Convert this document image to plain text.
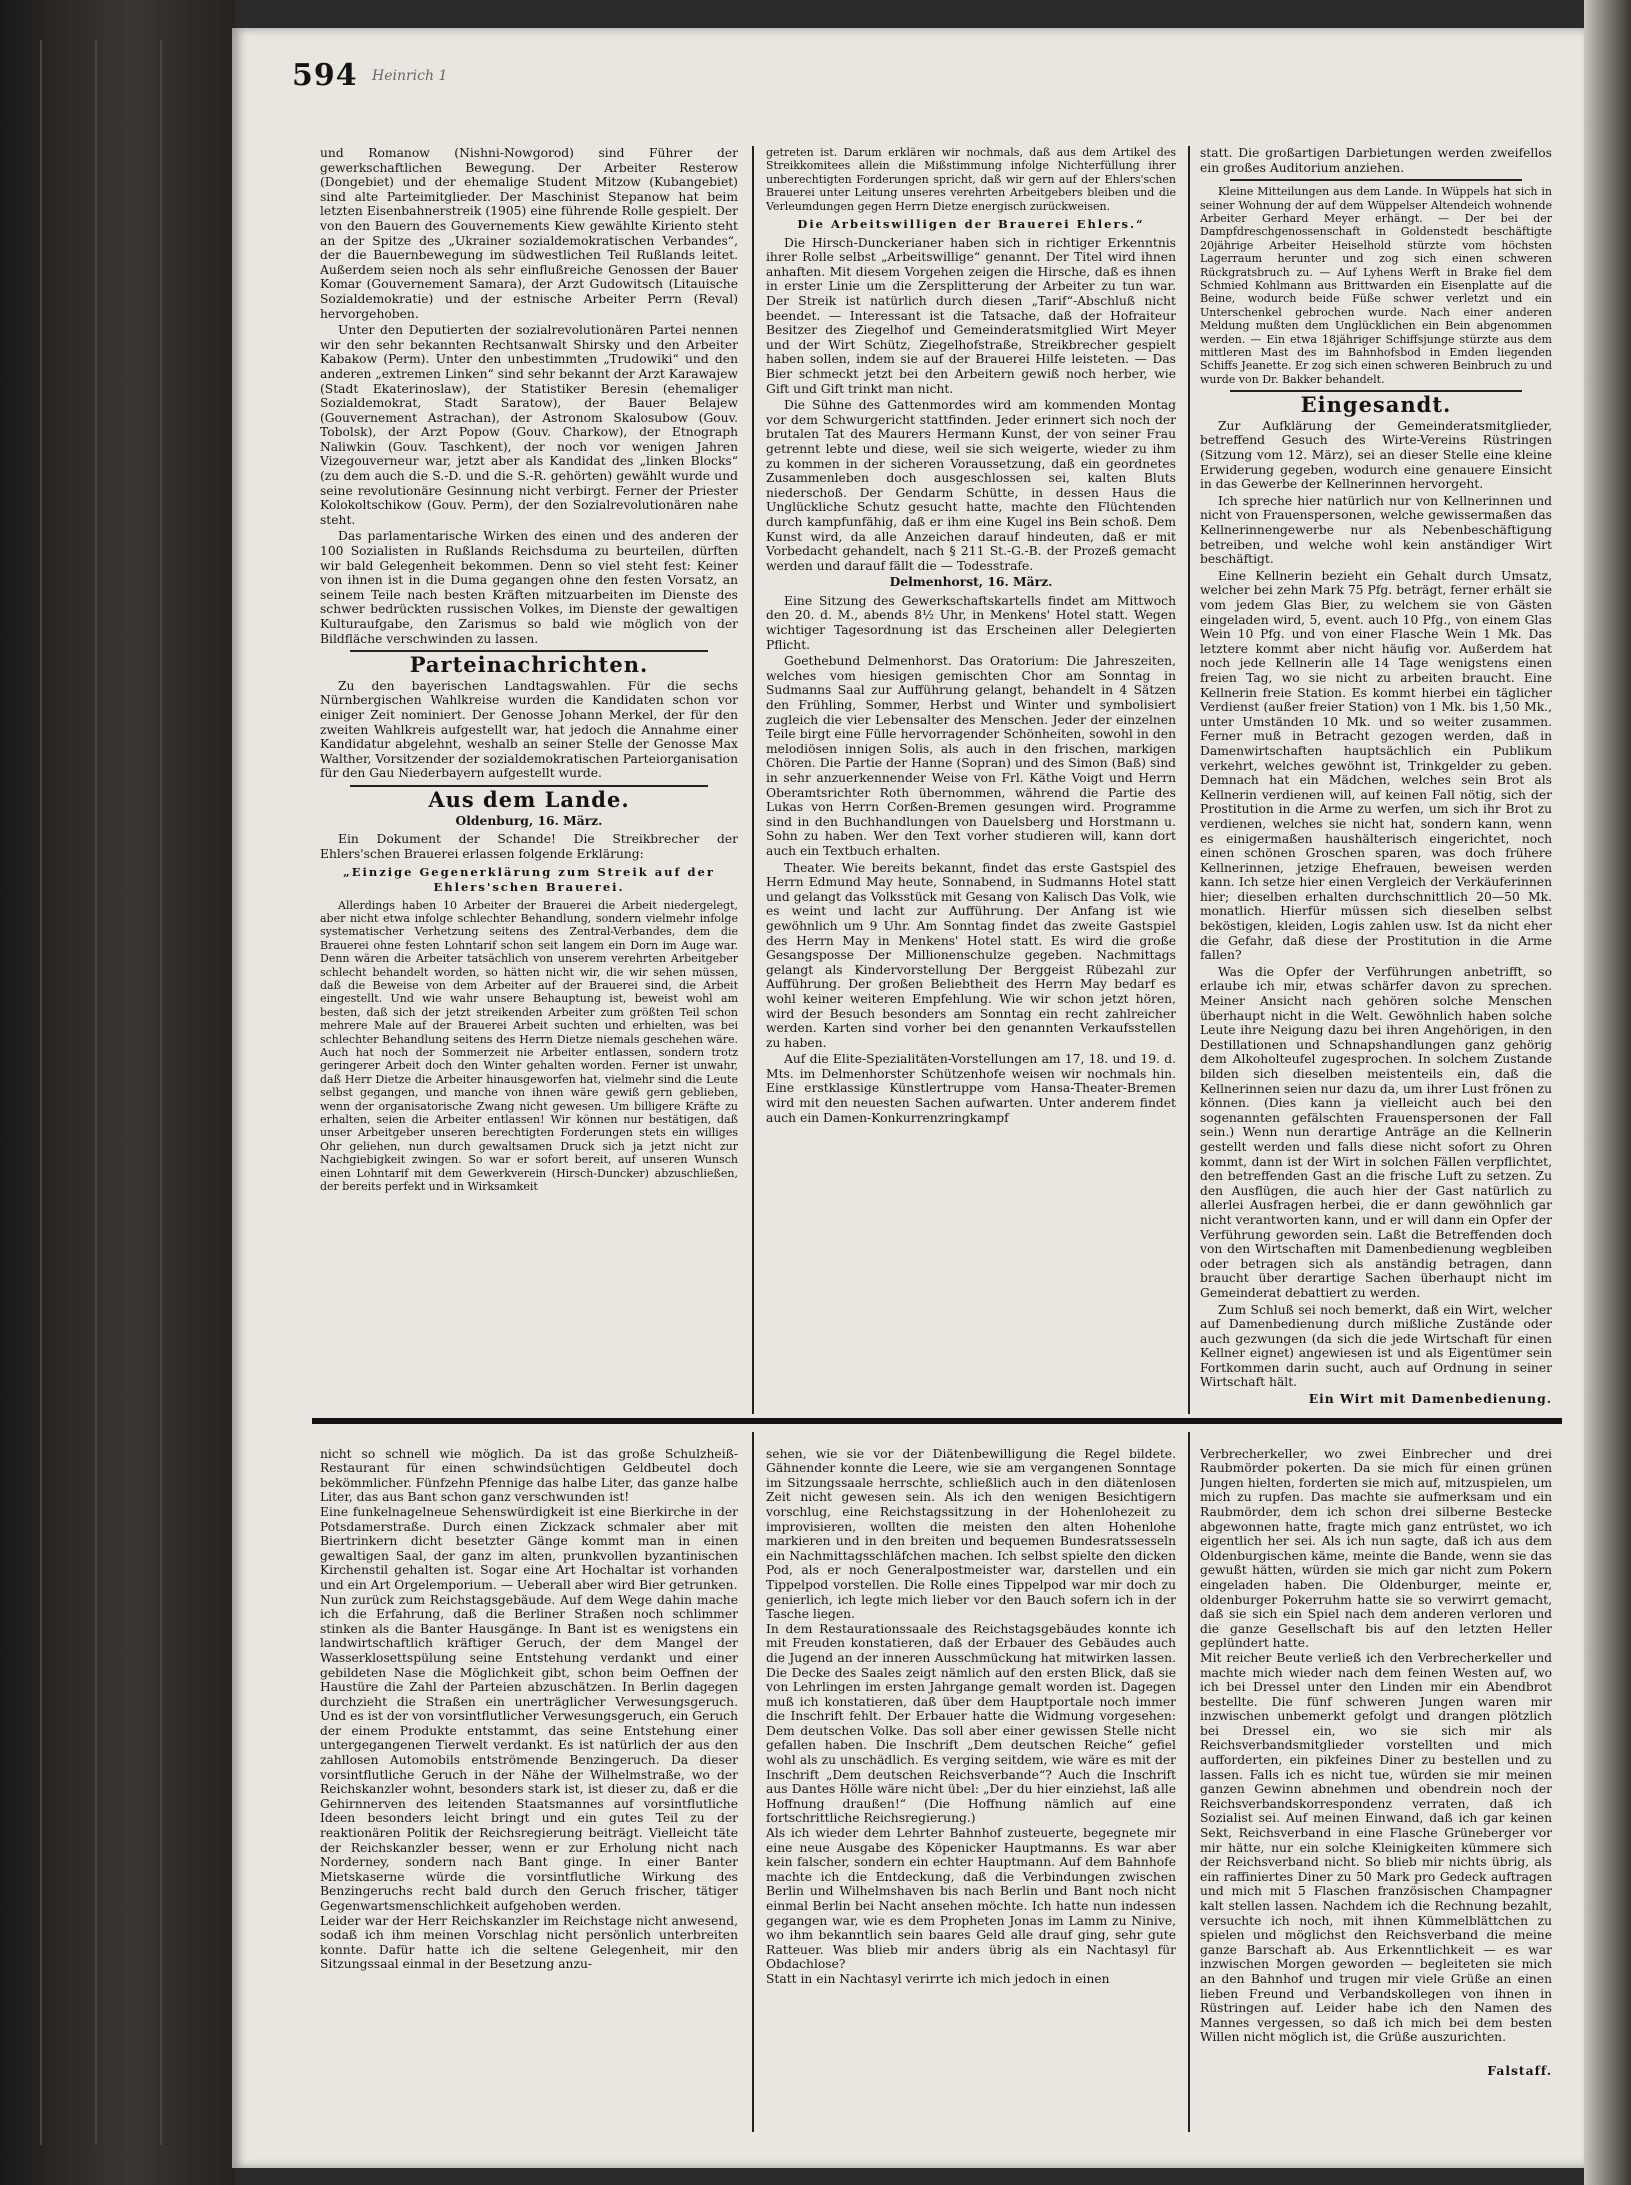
594 Heinrich 1

und Romanow (Nishni-Nowgorod) sind Führer der gewerkschaftlichen Bewegung. Der Arbeiter Resterow (Dongebiet) und der ehemalige Student Mitzow (Kubangebiet) sind alte Parteimitglieder. Der Maschinist Stepanow hat beim letzten Eisenbahnerstreik (1905) eine führende Rolle gespielt. Der von den Bauern des Gouvernements Kiew gewählte Kiriento steht an der Spitze des „Ukrainer sozialdemokratischen Verbandes“, der die Bauernbewegung im südwestlichen Teil Rußlands leitet. Außerdem seien noch als sehr einflußreiche Genossen der Bauer Komar (Gouvernement Samara), der Arzt Gudowitsch (Litauische Sozialdemokratie) und der estnische Arbeiter Perrn (Reval) hervorgehoben.

Unter den Deputierten der sozialrevolutionären Partei nennen wir den sehr bekannten Rechtsanwalt Shirsky und den Arbeiter Kabakow (Perm). Unter den unbestimmten „Trudowiki“ und den anderen „extremen Linken“ sind sehr bekannt der Arzt Karawajew (Stadt Ekaterinoslaw), der Statistiker Beresin (ehemaliger Sozialdemokrat, Stadt Saratow), der Bauer Belajew (Gouvernement Astrachan), der Astronom Skalosubow (Gouv. Tobolsk), der Arzt Popow (Gouv. Charkow), der Etnograph Naliwkin (Gouv. Taschkent), der noch vor wenigen Jahren Vizegouverneur war, jetzt aber als Kandidat des „linken Blocks“ (zu dem auch die S.-D. und die S.-R. gehörten) gewählt wurde und seine revolutionäre Gesinnung nicht verbirgt. Ferner der Priester Kolokoltschikow (Gouv. Perm), der den Sozialrevolutionären nahe steht.

Das parlamentarische Wirken des einen und des anderen der 100 Sozialisten in Rußlands Reichsduma zu beurteilen, dürften wir bald Gelegenheit bekommen. Denn so viel steht fest: Keiner von ihnen ist in die Duma gegangen ohne den festen Vorsatz, an seinem Teile nach besten Kräften mitzuarbeiten im Dienste des schwer bedrückten russischen Volkes, im Dienste der gewaltigen Kulturaufgabe, den Zarismus so bald wie möglich von der Bildfläche verschwinden zu lassen.

Parteinachrichten.

Zu den bayerischen Landtagswahlen. Für die sechs Nürnbergischen Wahlkreise wurden die Kandidaten schon vor einiger Zeit nominiert. Der Genosse Johann Merkel, der für den zweiten Wahlkreis aufgestellt war, hat jedoch die Annahme einer Kandidatur abgelehnt, weshalb an seiner Stelle der Genosse Max Walther, Vorsitzender der sozialdemokratischen Parteiorganisation für den Gau Niederbayern aufgestellt wurde.

Aus dem Lande.
Oldenburg, 16. März.

Ein Dokument der Schande! Die Streikbrecher der Ehlers'schen Brauerei erlassen folgende Erklärung:

„Einzige Gegenerklärung zum Streik auf der Ehlers'schen Brauerei.

Allerdings haben 10 Arbeiter der Brauerei die Arbeit niedergelegt, aber nicht etwa infolge schlechter Behandlung, sondern vielmehr infolge systematischer Verhetzung seitens des Zentral-Verbandes, dem die Brauerei ohne festen Lohntarif schon seit langem ein Dorn im Auge war. Denn wären die Arbeiter tatsächlich von unserem verehrten Arbeitgeber schlecht behandelt worden, so hätten nicht wir, die wir sehen müssen, daß die Beweise von dem Arbeiter auf der Brauerei sind, die Arbeit eingestellt. Und wie wahr unsere Behauptung ist, beweist wohl am besten, daß sich der jetzt streikenden Arbeiter zum größten Teil schon mehrere Male auf der Brauerei Arbeit suchten und erhielten, was bei schlechter Behandlung seitens des Herrn Dietze niemals geschehen wäre. Auch hat noch der Sommerzeit nie Arbeiter entlassen, sondern trotz geringerer Arbeit doch den Winter gehalten worden. Ferner ist unwahr, daß Herr Dietze die Arbeiter hinausgeworfen hat, vielmehr sind die Leute selbst gegangen, und manche von ihnen wäre gewiß gern geblieben, wenn der organisatorische Zwang nicht gewesen. Um billigere Kräfte zu erhalten, seien die Arbeiter entlassen! Wir können nur bestätigen, daß unser Arbeitgeber unseren berechtigten Forderungen stets ein williges Ohr geliehen, nun durch gewaltsamen Druck sich ja jetzt nicht zur Nachgiebigkeit zwingen. So war er sofort bereit, auf unseren Wunsch einen Lohntarif mit dem Gewerkverein (Hirsch-Duncker) abzuschließen, der bereits perfekt und in Wirksamkeit

getreten ist. Darum erklären wir nochmals, daß aus dem Artikel des Streikkomitees allein die Mißstimmung infolge Nichterfüllung ihrer unberechtigten Forderungen spricht, daß wir gern auf der Ehlers'schen Brauerei unter Leitung unseres verehrten Arbeitgebers bleiben und die Verleumdungen gegen Herrn Dietze energisch zurückweisen.

Die Arbeitswilligen der Brauerei Ehlers.“

Die Hirsch-Dunckerianer haben sich in richtiger Erkenntnis ihrer Rolle selbst „Arbeitswillige“ genannt. Der Titel wird ihnen anhaften. Mit diesem Vorgehen zeigen die Hirsche, daß es ihnen in erster Linie um die Zersplitterung der Arbeiter zu tun war. Der Streik ist natürlich durch diesen „Tarif“-Abschluß nicht beendet. — Interessant ist die Tatsache, daß der Hofraiteur Besitzer des Ziegelhof und Gemeinderatsmitglied Wirt Meyer und der Wirt Schütz, Ziegelhofstraße, Streikbrecher gespielt haben sollen, indem sie auf der Brauerei Hilfe leisteten. — Das Bier schmeckt jetzt bei den Arbeitern gewiß noch herber, wie Gift und Gift trinkt man nicht.

Die Sühne des Gattenmordes wird am kommenden Montag vor dem Schwurgericht stattfinden. Jeder erinnert sich noch der brutalen Tat des Maurers Hermann Kunst, der von seiner Frau getrennt lebte und diese, weil sie sich weigerte, wieder zu ihm zu kommen in der sicheren Voraussetzung, daß ein geordnetes Zusammenleben doch ausgeschlossen sei, kalten Bluts niederschoß. Der Gendarm Schütte, in dessen Haus die Unglückliche Schutz gesucht hatte, machte den Flüchtenden durch kampfunfähig, daß er ihm eine Kugel ins Bein schoß. Dem Kunst wird, da alle Anzeichen darauf hindeuten, daß er mit Vorbedacht gehandelt, nach § 211 St.-G.-B. der Prozeß gemacht werden und darauf fällt die — Todesstrafe.

Delmenhorst, 16. März.

Eine Sitzung des Gewerkschaftskartells findet am Mittwoch den 20. d. M., abends 8½ Uhr, in Menkens' Hotel statt. Wegen wichtiger Tagesordnung ist das Erscheinen aller Delegierten Pflicht.

Goethebund Delmenhorst. Das Oratorium: Die Jahreszeiten, welches vom hiesigen gemischten Chor am Sonntag in Sudmanns Saal zur Aufführung gelangt, behandelt in 4 Sätzen den Frühling, Sommer, Herbst und Winter und symbolisiert zugleich die vier Lebensalter des Menschen. Jeder der einzelnen Teile birgt eine Fülle hervorragender Schönheiten, sowohl in den melodiösen innigen Solis, als auch in den frischen, markigen Chören. Die Partie der Hanne (Sopran) und des Simon (Baß) sind in sehr anzuerkennender Weise von Frl. Käthe Voigt und Herrn Oberamtsrichter Roth übernommen, während die Partie des Lukas von Herrn Corßen-Bremen gesungen wird. Programme sind in den Buchhandlungen von Dauelsberg und Horstmann u. Sohn zu haben. Wer den Text vorher studieren will, kann dort auch ein Textbuch erhalten.

Theater. Wie bereits bekannt, findet das erste Gastspiel des Herrn Edmund May heute, Sonnabend, in Sudmanns Hotel statt und gelangt das Volksstück mit Gesang von Kalisch Das Volk, wie es weint und lacht zur Aufführung. Der Anfang ist wie gewöhnlich um 9 Uhr. Am Sonntag findet das zweite Gastspiel des Herrn May in Menkens' Hotel statt. Es wird die große Gesangsposse Der Millionenschulze gegeben. Nachmittags gelangt als Kindervorstellung Der Berggeist Rübezahl zur Aufführung. Der großen Beliebtheit des Herrn May bedarf es wohl keiner weiteren Empfehlung. Wie wir schon jetzt hören, wird der Besuch besonders am Sonntag ein recht zahlreicher werden. Karten sind vorher bei den genannten Verkaufsstellen zu haben.

Auf die Elite-Spezialitäten-Vorstellungen am 17, 18. und 19. d. Mts. im Delmenhorster Schützenhofe weisen wir nochmals hin. Eine erstklassige Künstlertruppe vom Hansa-Theater-Bremen wird mit den neuesten Sachen aufwarten. Unter anderem findet auch ein Damen-Konkurrenzringkampf

statt. Die großartigen Darbietungen werden zweifellos ein großes Auditorium anziehen.

Kleine Mitteilungen aus dem Lande. In Wüppels hat sich in seiner Wohnung der auf dem Wüppelser Altendeich wohnende Arbeiter Gerhard Meyer erhängt. — Der bei der Dampfdreschgenossenschaft in Goldenstedt beschäftigte 20jährige Arbeiter Heiselhold stürzte vom höchsten Lagerraum herunter und zog sich einen schweren Rückgratsbruch zu. — Auf Lyhens Werft in Brake fiel dem Schmied Kohlmann aus Brittwarden ein Eisenplatte auf die Beine, wodurch beide Füße schwer verletzt und ein Unterschenkel gebrochen wurde. Nach einer anderen Meldung mußten dem Unglücklichen ein Bein abgenommen werden. — Ein etwa 18jähriger Schiffsjunge stürzte aus dem mittleren Mast des im Bahnhofsbod in Emden liegenden Schiffs Jeanette. Er zog sich einen schweren Beinbruch zu und wurde von Dr. Bakker behandelt.

Eingesandt.

Zur Aufklärung der Gemeinderatsmitglieder, betreffend Gesuch des Wirte-Vereins Rüstringen (Sitzung vom 12. März), sei an dieser Stelle eine kleine Erwiderung gegeben, wodurch eine genauere Einsicht in das Gewerbe der Kellnerinnen hervorgeht.

Ich spreche hier natürlich nur von Kellnerinnen und nicht von Frauenspersonen, welche gewissermaßen das Kellnerinnengewerbe nur als Nebenbeschäftigung betreiben, und welche wohl kein anständiger Wirt beschäftigt.

Eine Kellnerin bezieht ein Gehalt durch Umsatz, welcher bei zehn Mark 75 Pfg. beträgt, ferner erhält sie vom jedem Glas Bier, zu welchem sie von Gästen eingeladen wird, 5, event. auch 10 Pfg., von einem Glas Wein 10 Pfg. und von einer Flasche Wein 1 Mk. Das letztere kommt aber nicht häufig vor. Außerdem hat noch jede Kellnerin alle 14 Tage wenigstens einen freien Tag, wo sie nicht zu arbeiten braucht. Eine Kellnerin freie Station. Es kommt hierbei ein täglicher Verdienst (außer freier Station) von 1 Mk. bis 1,50 Mk., unter Umständen 10 Mk. und so weiter zusammen. Ferner muß in Betracht gezogen werden, daß in Damenwirtschaften hauptsächlich ein Publikum verkehrt, welches gewöhnt ist, Trinkgelder zu geben. Demnach hat ein Mädchen, welches sein Brot als Kellnerin verdienen will, auf keinen Fall nötig, sich der Prostitution in die Arme zu werfen, um sich ihr Brot zu verdienen, welches sie nicht hat, sondern kann, wenn es einigermaßen haushälterisch eingerichtet, noch einen schönen Groschen sparen, was doch frühere Kellnerinnen, jetzige Ehefrauen, beweisen werden kann. Ich setze hier einen Vergleich der Verkäuferinnen hier; dieselben erhalten durchschnittlich 20—50 Mk. monatlich. Hierfür müssen sich dieselben selbst beköstigen, kleiden, Logis zahlen usw. Ist da nicht eher die Gefahr, daß diese der Prostitution in die Arme fallen?

Was die Opfer der Verführungen anbetrifft, so erlaube ich mir, etwas schärfer davon zu sprechen. Meiner Ansicht nach gehören solche Menschen überhaupt nicht in die Welt. Gewöhnlich haben solche Leute ihre Neigung dazu bei ihren Angehörigen, in den Destillationen und Schnapshandlungen ganz gehörig dem Alkoholteufel zugesprochen. In solchem Zustande bilden sich dieselben meistenteils ein, daß die Kellnerinnen seien nur dazu da, um ihrer Lust frönen zu können. (Dies kann ja vielleicht auch bei den sogenannten gefälschten Frauenspersonen der Fall sein.) Wenn nun derartige Anträge an die Kellnerin gestellt werden und falls diese nicht sofort zu Ohren kommt, dann ist der Wirt in solchen Fällen verpflichtet, den betreffenden Gast an die frische Luft zu setzen. Zu den Ausflügen, die auch hier der Gast natürlich zu allerlei Ausfragen herbei, die er dann gewöhnlich gar nicht verantworten kann, und er will dann ein Opfer der Verführung geworden sein. Laßt die Betreffenden doch von den Wirtschaften mit Damenbedienung wegbleiben oder betragen sich als anständig betragen, dann braucht über derartige Sachen überhaupt nicht im Gemeinderat debattiert zu werden.

Zum Schluß sei noch bemerkt, daß ein Wirt, welcher auf Damenbedienung durch mißliche Zustände oder auch gezwungen (da sich die jede Wirtschaft für einen Kellner eignet) angewiesen ist und als Eigentümer sein Fortkommen darin sucht, auch auf Ordnung in seiner Wirtschaft hält.

Ein Wirt mit Damenbedienung.

nicht so schnell wie möglich. Da ist das große Schulzheiß-Restaurant für einen schwindsüchtigen Geldbeutel doch bekömmlicher. Fünfzehn Pfennige das halbe Liter, das ganze halbe Liter, das aus Bant schon ganz verschwunden ist!
Eine funkelnagelneue Sehenswürdigkeit ist eine Bierkirche in der Potsdamerstraße. Durch einen Zickzack schmaler aber mit Biertrinkern dicht besetzter Gänge kommt man in einen gewaltigen Saal, der ganz im alten, prunkvollen byzantinischen Kirchenstil gehalten ist. Sogar eine Art Hochaltar ist vorhanden und ein Art Orgelemporium. — Ueberall aber wird Bier getrunken.
Nun zurück zum Reichstagsgebäude. Auf dem Wege dahin mache ich die Erfahrung, daß die Berliner Straßen noch schlimmer stinken als die Banter Hausgänge. In Bant ist es wenigstens ein landwirtschaftlich kräftiger Geruch, der dem Mangel der Wasserklosettspülung seine Entstehung verdankt und einer gebildeten Nase die Möglichkeit gibt, schon beim Oeffnen der Haustüre die Zahl der Parteien abzuschätzen. In Berlin dagegen durchzieht die Straßen ein unerträglicher Verwesungsgeruch. Und es ist der von vorsintflutlicher Verwesungsgeruch, ein Geruch der einem Produkte entstammt, das seine Entstehung einer untergegangenen Tierwelt verdankt. Es ist natürlich der aus den zahllosen Automobils entströmende Benzingeruch. Da dieser vorsintflutliche Geruch in der Nähe der Wilhelmstraße, wo der Reichskanzler wohnt, besonders stark ist, ist dieser zu, daß er die Gehirnnerven des leitenden Staatsmannes auf vorsintflutliche Ideen besonders leicht bringt und ein gutes Teil zu der reaktionären Politik der Reichsregierung beiträgt. Vielleicht täte der Reichskanzler besser, wenn er zur Erholung nicht nach Norderney, sondern nach Bant ginge. In einer Banter Mietskaserne würde die vorsintflutliche Wirkung des Benzingeruchs recht bald durch den Geruch frischer, tätiger Gegenwartsmenschlichkeit aufgehoben werden.
Leider war der Herr Reichskanzler im Reichstage nicht anwesend, sodaß ich ihm meinen Vorschlag nicht persönlich unterbreiten konnte. Dafür hatte ich die seltene Gelegenheit, mir den Sitzungssaal einmal in der Besetzung anzu-

sehen, wie sie vor der Diätenbewilligung die Regel bildete. Gähnender konnte die Leere, wie sie am vergangenen Sonntage im Sitzungssaale herrschte, schließlich auch in den diätenlosen Zeit nicht gewesen sein. Als ich den wenigen Besichtigern vorschlug, eine Reichstagssitzung in der Hohenlohezeit zu improvisieren, wollten die meisten den alten Hohenlohe markieren und in den breiten und bequemen Bundesratssesseln ein Nachmittagsschläfchen machen. Ich selbst spielte den dicken Pod, als er noch Generalpostmeister war, darstellen und ein Tippelpod vorstellen. Die Rolle eines Tippelpod war mir doch zu genierlich, ich legte mich lieber vor den Bauch sofern ich in der Tasche liegen.
In dem Restaurationssaale des Reichstagsgebäudes konnte ich mit Freuden konstatieren, daß der Erbauer des Gebäudes auch die Jugend an der inneren Ausschmückung hat mitwirken lassen. Die Decke des Saales zeigt nämlich auf den ersten Blick, daß sie von Lehrlingen im ersten Jahrgange gemalt worden ist. Dagegen muß ich konstatieren, daß über dem Hauptportale noch immer die Inschrift fehlt. Der Erbauer hatte die Widmung vorgesehen: Dem deutschen Volke. Das soll aber einer gewissen Stelle nicht gefallen haben. Die Inschrift „Dem deutschen Reiche“ gefiel wohl als zu unschädlich. Es verging seitdem, wie wäre es mit der Inschrift „Dem deutschen Reichsverbande“? Auch die Inschrift aus Dantes Hölle wäre nicht übel: „Der du hier einziehst, laß alle Hoffnung draußen!“ (Die Hoffnung nämlich auf eine fortschrittliche Reichsregierung.)
Als ich wieder dem Lehrter Bahnhof zusteuerte, begegnete mir eine neue Ausgabe des Köpenicker Hauptmanns. Es war aber kein falscher, sondern ein echter Hauptmann. Auf dem Bahnhofe machte ich die Entdeckung, daß die Verbindungen zwischen Berlin und Wilhelmshaven bis nach Berlin und Bant noch nicht einmal Berlin bei Nacht ansehen möchte. Ich hatte nun indessen gegangen war, wie es dem Propheten Jonas im Lamm zu Ninive, wo ihm bekanntlich sein baares Geld alle drauf ging, sehr gute Ratteuer. Was blieb mir anders übrig als ein Nachtasyl für Obdachlose?
Statt in ein Nachtasyl verirrte ich mich jedoch in einen

Verbrecherkeller, wo zwei Einbrecher und drei Raubmörder pokerten. Da sie mich für einen grünen Jungen hielten, forderten sie mich auf, mitzuspielen, um mich zu rupfen. Das machte sie aufmerksam und ein Raubmörder, dem ich schon drei silberne Bestecke abgewonnen hatte, fragte mich ganz entrüstet, wo ich eigentlich her sei. Als ich nun sagte, daß ich aus dem Oldenburgischen käme, meinte die Bande, wenn sie das gewußt hätten, würden sie mich gar nicht zum Pokern eingeladen haben. Die Oldenburger, meinte er, oldenburger Pokerruhm hatte sie so verwirrt gemacht, daß sie sich ein Spiel nach dem anderen verloren und die ganze Gesellschaft bis auf den letzten Heller geplündert hatte.
Mit reicher Beute verließ ich den Verbrecherkeller und machte mich wieder nach dem feinen Westen auf, wo ich bei Dressel unter den Linden mir ein Abendbrot bestellte. Die fünf schweren Jungen waren mir inzwischen unbemerkt gefolgt und drangen plötzlich bei Dressel ein, wo sie sich mir als Reichsverbandsmitglieder vorstellten und mich aufforderten, ein pikfeines Diner zu bestellen und zu lassen. Falls ich es nicht tue, würden sie mir meinen ganzen Gewinn abnehmen und obendrein noch der Reichsverbandskorrespondenz verraten, daß ich Sozialist sei. Auf meinen Einwand, daß ich gar keinen Sekt, Reichsverband in eine Flasche Grüneberger vor mir hätte, nur ein solche Kleinigkeiten kümmere sich der Reichsverband nicht. So blieb mir nichts übrig, als ein raffiniertes Diner zu 50 Mark pro Gedeck auftragen und mich mit 5 Flaschen französischen Champagner kalt stellen lassen. Nachdem ich die Rechnung bezahlt, versuchte ich noch, mit ihnen Kümmelblättchen zu spielen und möglichst den Reichsverband die meine ganze Barschaft ab. Aus Erkenntlichkeit — es war inzwischen Morgen geworden — begleiteten sie mich an den Bahnhof und trugen mir viele Grüße an einen lieben Freund und Verbandskollegen von ihnen in Rüstringen auf. Leider habe ich den Namen des Mannes vergessen, so daß ich mich bei dem besten Willen nicht möglich ist, die Grüße auszurichten.

Falstaff.
